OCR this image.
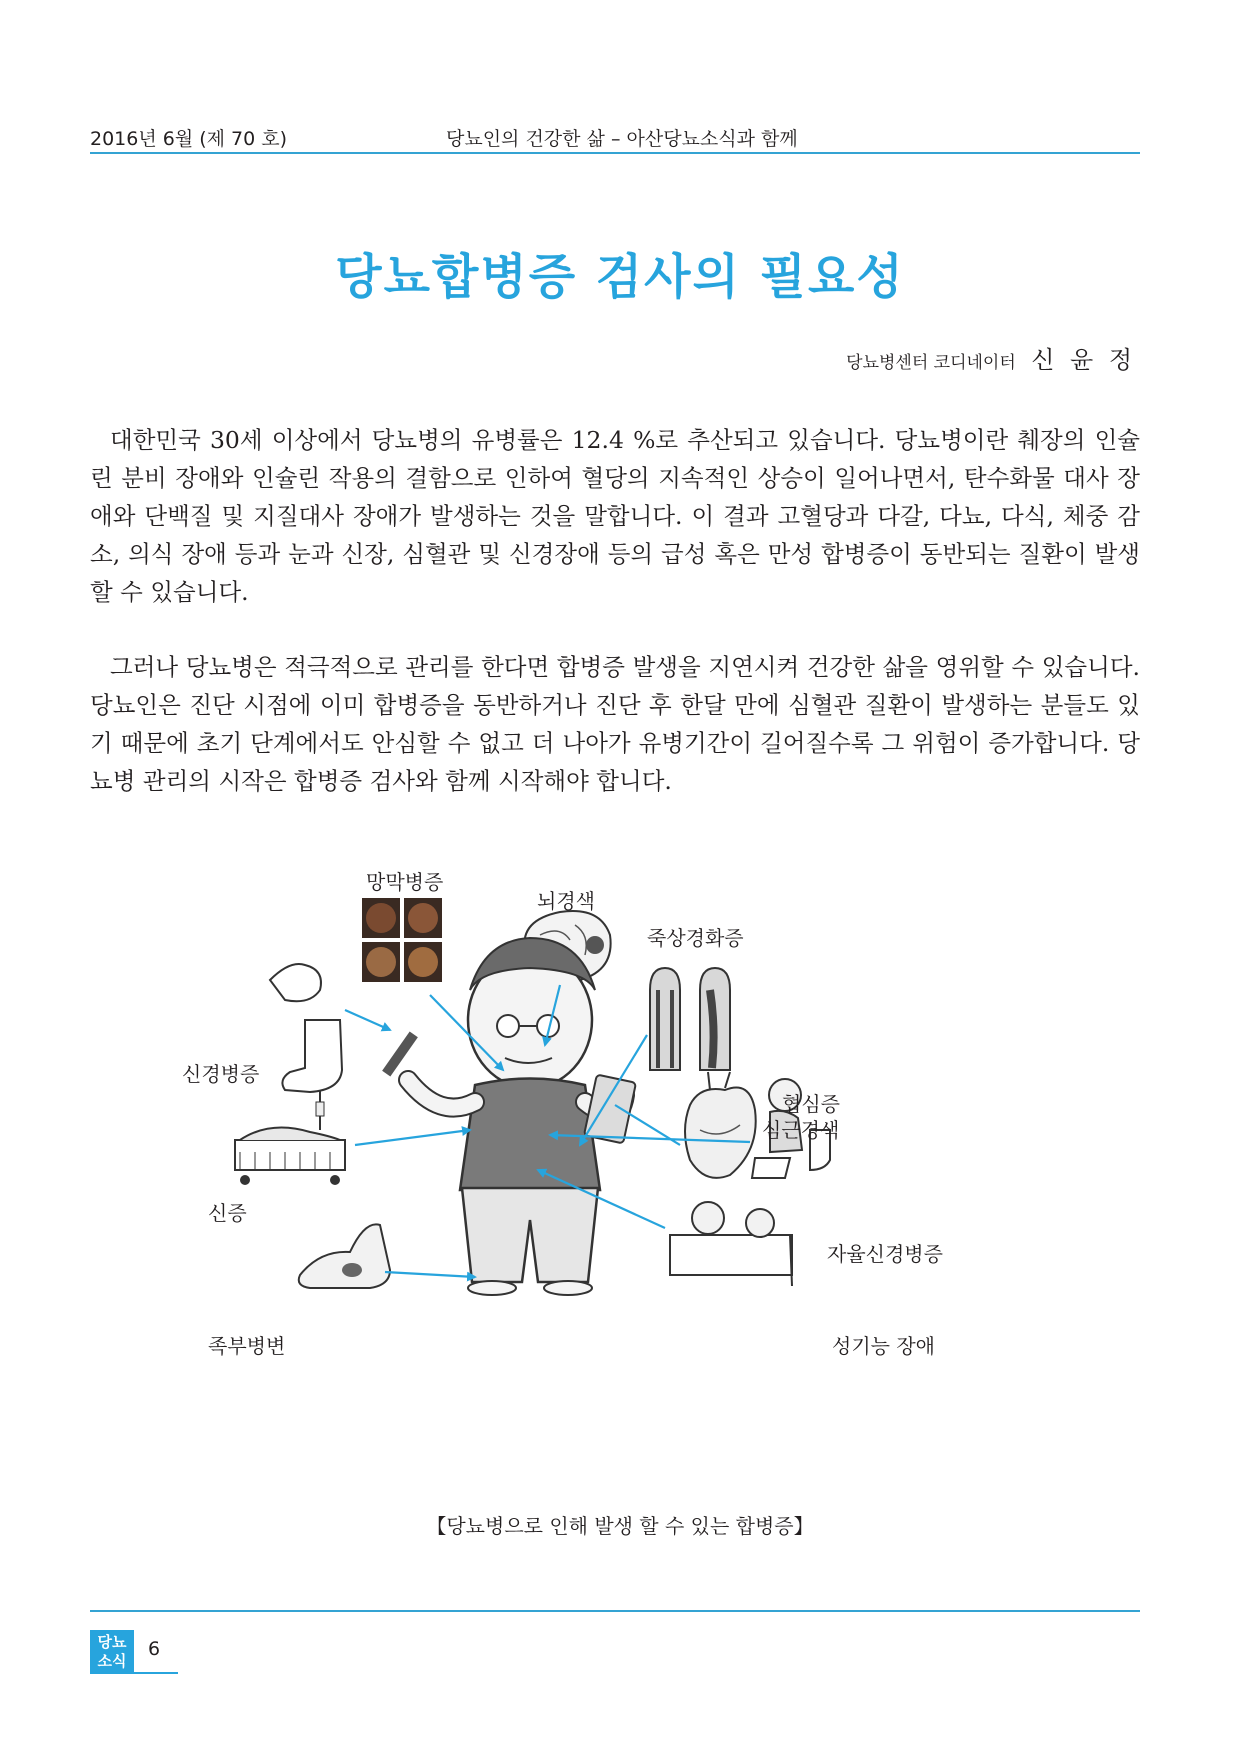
2016년 6월 (제 70 호)	당뇨인의 건강한 삶 – 아산당뇨소식과 함께
당뇨합병증 검사의 필요성
당뇨병센터 코디네이터 신 윤 정

대한민국 30세 이상에서 당뇨병의 유병률은 12.4 %로 추산되고 있습니다. 당뇨병이란 췌장의 인슐린 분비 장애와 인슐린 작용의 결함으로 인하여 혈당의 지속적인 상승이 일어나면서, 탄수화물 대사 장애와 단백질 및 지질대사 장애가 발생하는 것을 말합니다. 이 결과 고혈당과 다갈, 다뇨, 다식, 체중 감소, 의식 장애 등과 눈과 신장, 심혈관 및 신경장애 등의 급성 혹은 만성 합병증이 동반되는 질환이 발생할 수 있습니다.

그러나 당뇨병은 적극적으로 관리를 한다면 합병증 발생을 지연시켜 건강한 삶을 영위할 수 있습니다. 당뇨인은 진단 시점에 이미 합병증을 동반하거나 진단 후 한달 만에 심혈관 질환이 발생하는 분들도 있기 때문에 초기 단계에서도 안심할 수 없고 더 나아가 유병기간이 길어질수록 그 위험이 증가합니다. 당뇨병 관리의 시작은 합병증 검사와 함께 시작해야 합니다.

망막병증
뇌경색
죽상경화증
신경병증
협심증
심근경색
신증
자율신경병증
족부병변	성기능 장애
【당뇨병으로 인해 발생 할 수 있는 합병증】
당뇨
소식
6
